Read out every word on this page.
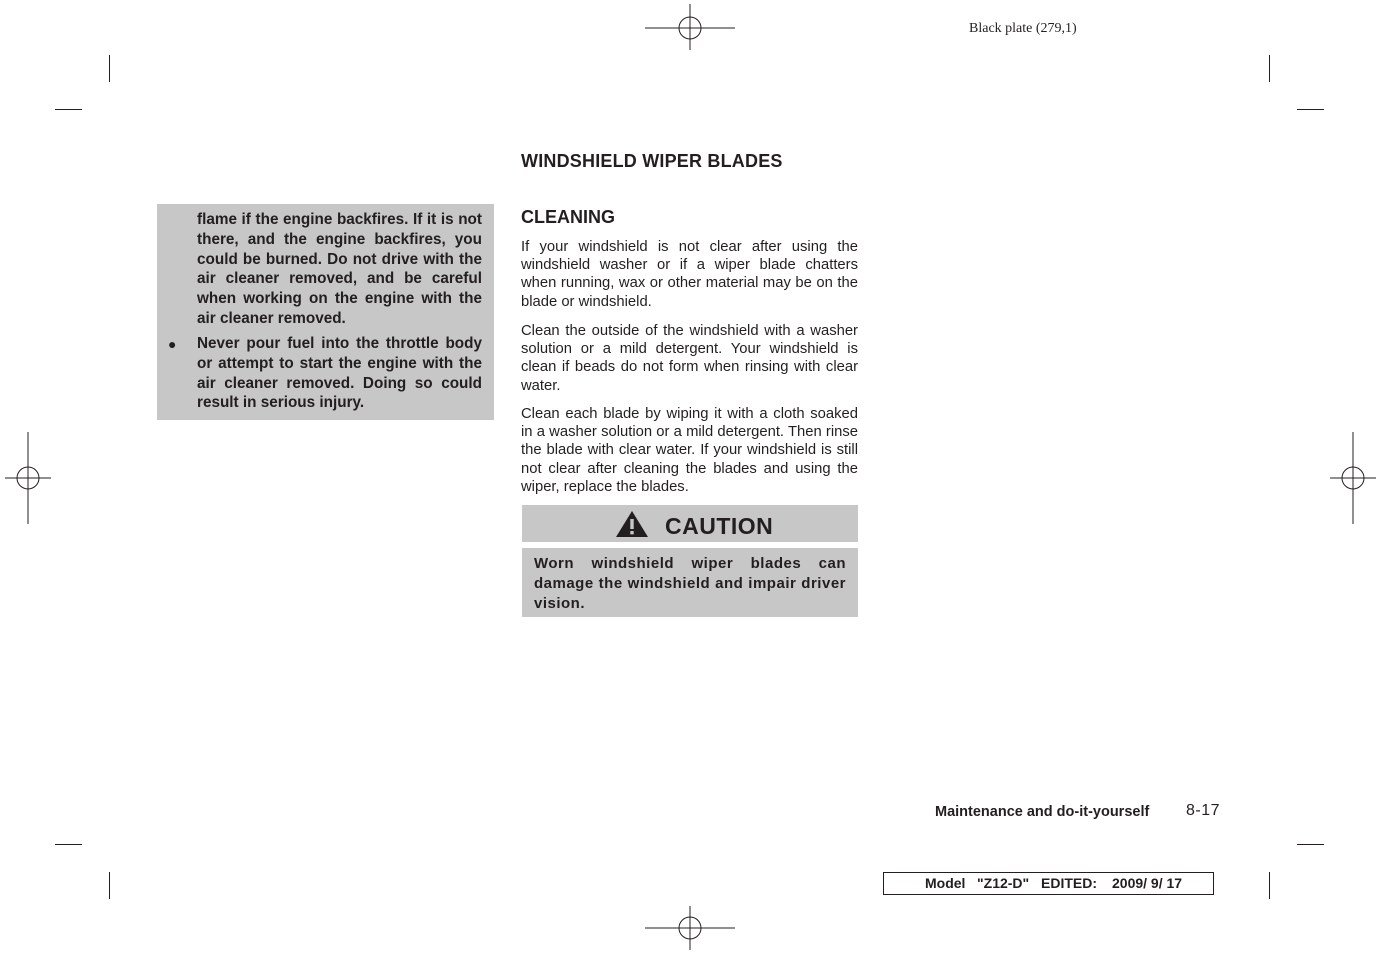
Black plate (279,1)
flame if the engine backfires. If it is not there, and the engine backfires, you could be burned. Do not drive with the air cleaner removed, and be careful when working on the engine with the air cleaner removed.
● Never pour fuel into the throttle body or attempt to start the engine with the air cleaner removed. Doing so could result in serious injury.
WINDSHIELD WIPER BLADES
CLEANING

If your windshield is not clear after using the windshield washer or if a wiper blade chatters when running, wax or other material may be on the blade or windshield.

Clean the outside of the windshield with a washer solution or a mild detergent. Your windshield is clean if beads do not form when rinsing with clear water.

Clean each blade by wiping it with a cloth soaked in a washer solution or a mild detergent. Then rinse the blade with clear water. If your windshield is still not clear after cleaning the blades and using the wiper, replace the blades.

CAUTION
Worn windshield wiper blades can damage the windshield and impair driver vision.
Maintenance and do-it-yourself 8-17
Model "Z12-D" EDITED: 2009/ 9/ 17
